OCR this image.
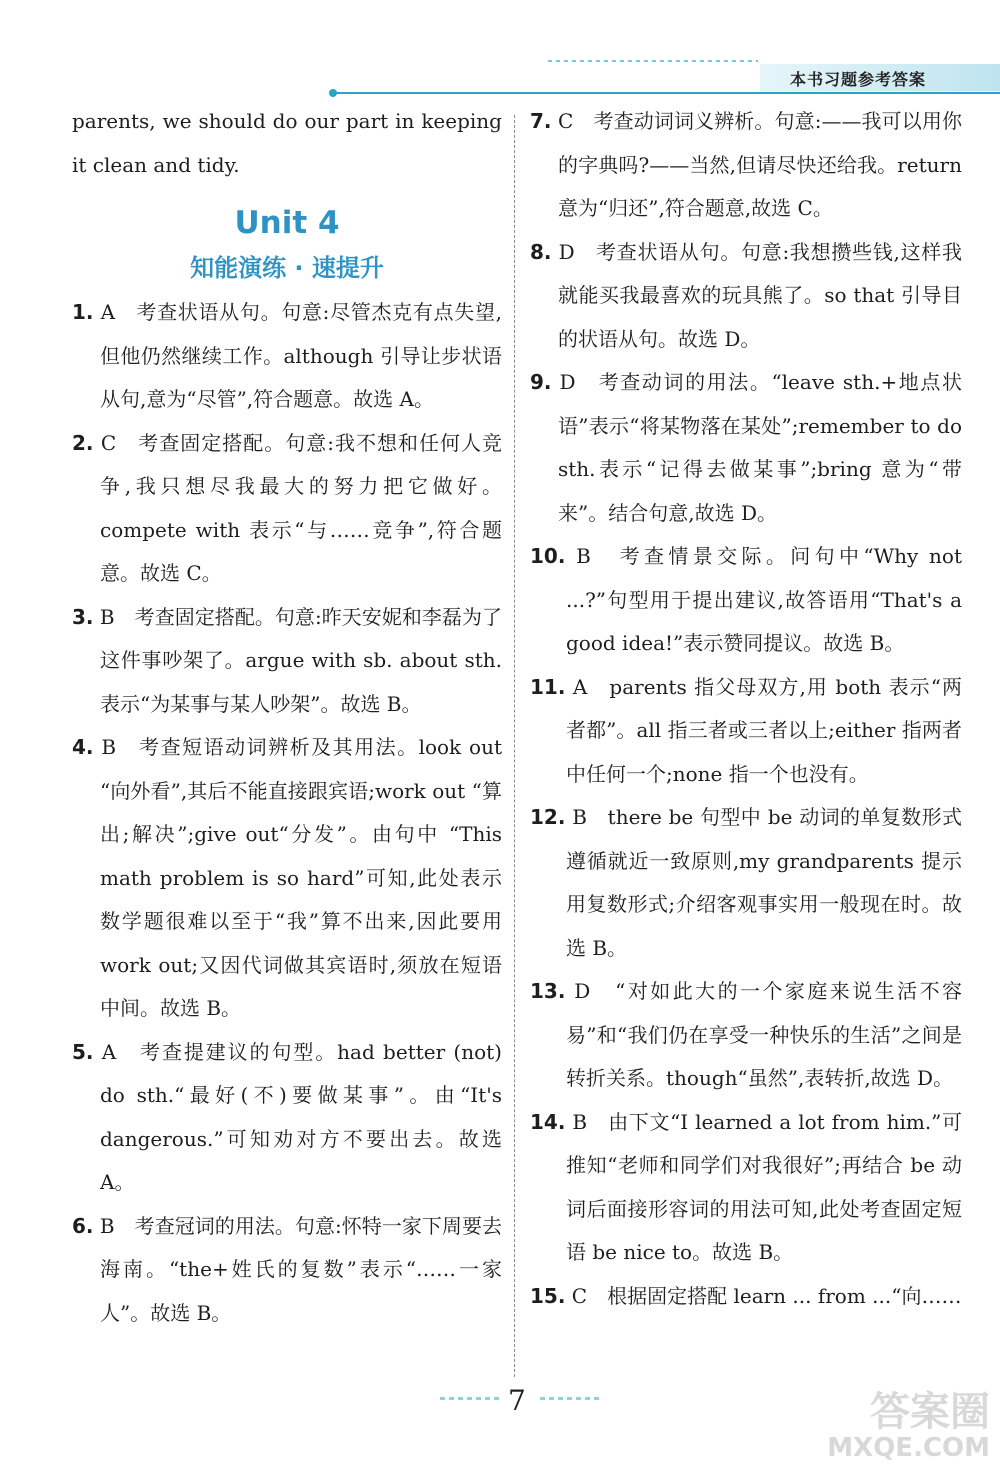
本书习题参考答案

parents, we should do our part in keeping it clean and tidy.

Unit 4
知能演练 · 速提升

1. A　考查状语从句。句意:尽管杰克有点失望,但他仍然继续工作。although 引导让步状语从句,意为“尽管”,符合题意。故选 A。

2. C　考查固定搭配。句意:我不想和任何人竞争,我只想尽我最大的努力把它做好。compete with 表示“与……竞争”,符合题意。故选 C。

3. B　考查固定搭配。句意:昨天安妮和李磊为了这件事吵架了。argue with sb. about sth.表示“为某事与某人吵架”。故选 B。

4. B　考查短语动词辨析及其用法。look out “向外看”,其后不能直接跟宾语;work out “算出;解决”;give out“分发”。由句中 “This math problem is so hard”可知,此处表示数学题很难以至于“我”算不出来,因此要用 work out;又因代词做其宾语时,须放在短语中间。故选 B。

5. A　考查提建议的句型。had better (not) do sth.“最好(不)要做某事”。由“It's dangerous.”可知劝对方不要出去。故选 A。

6. B　考查冠词的用法。句意:怀特一家下周要去海南。“the+姓氏的复数”表示“……一家人”。故选 B。

7. C　考查动词词义辨析。句意:——我可以用你的字典吗?——当然,但请尽快还给我。return 意为“归还”,符合题意,故选 C。

8. D　考查状语从句。句意:我想攒些钱,这样我就能买我最喜欢的玩具熊了。so that 引导目的状语从句。故选 D。

9. D　考查动词的用法。“leave sth.+地点状语”表示“将某物落在某处”;remember to do sth.表示“记得去做某事”;bring 意为“带来”。结合句意,故选 D。

10. B　考查情景交际。问句中“Why not ...?”句型用于提出建议,故答语用“That's a good idea!”表示赞同提议。故选 B。

11. A　parents 指父母双方,用 both 表示“两者都”。all 指三者或三者以上;either 指两者中任何一个;none 指一个也没有。

12. B　there be 句型中 be 动词的单复数形式遵循就近一致原则,my grandparents 提示用复数形式;介绍客观事实用一般现在时。故选 B。

13. D　“对如此大的一个家庭来说生活不容易”和“我们仍在享受一种快乐的生活”之间是转折关系。though“虽然”,表转折,故选 D。

14. B　由下文“I learned a lot from him.”可推知“老师和同学们对我很好”;再结合 be 动词后面接形容词的用法可知,此处考查固定短语 be nice to。故选 B。

15. C　根据固定搭配 learn ... from ...“向……

7	答案圈
MXQE.COM
